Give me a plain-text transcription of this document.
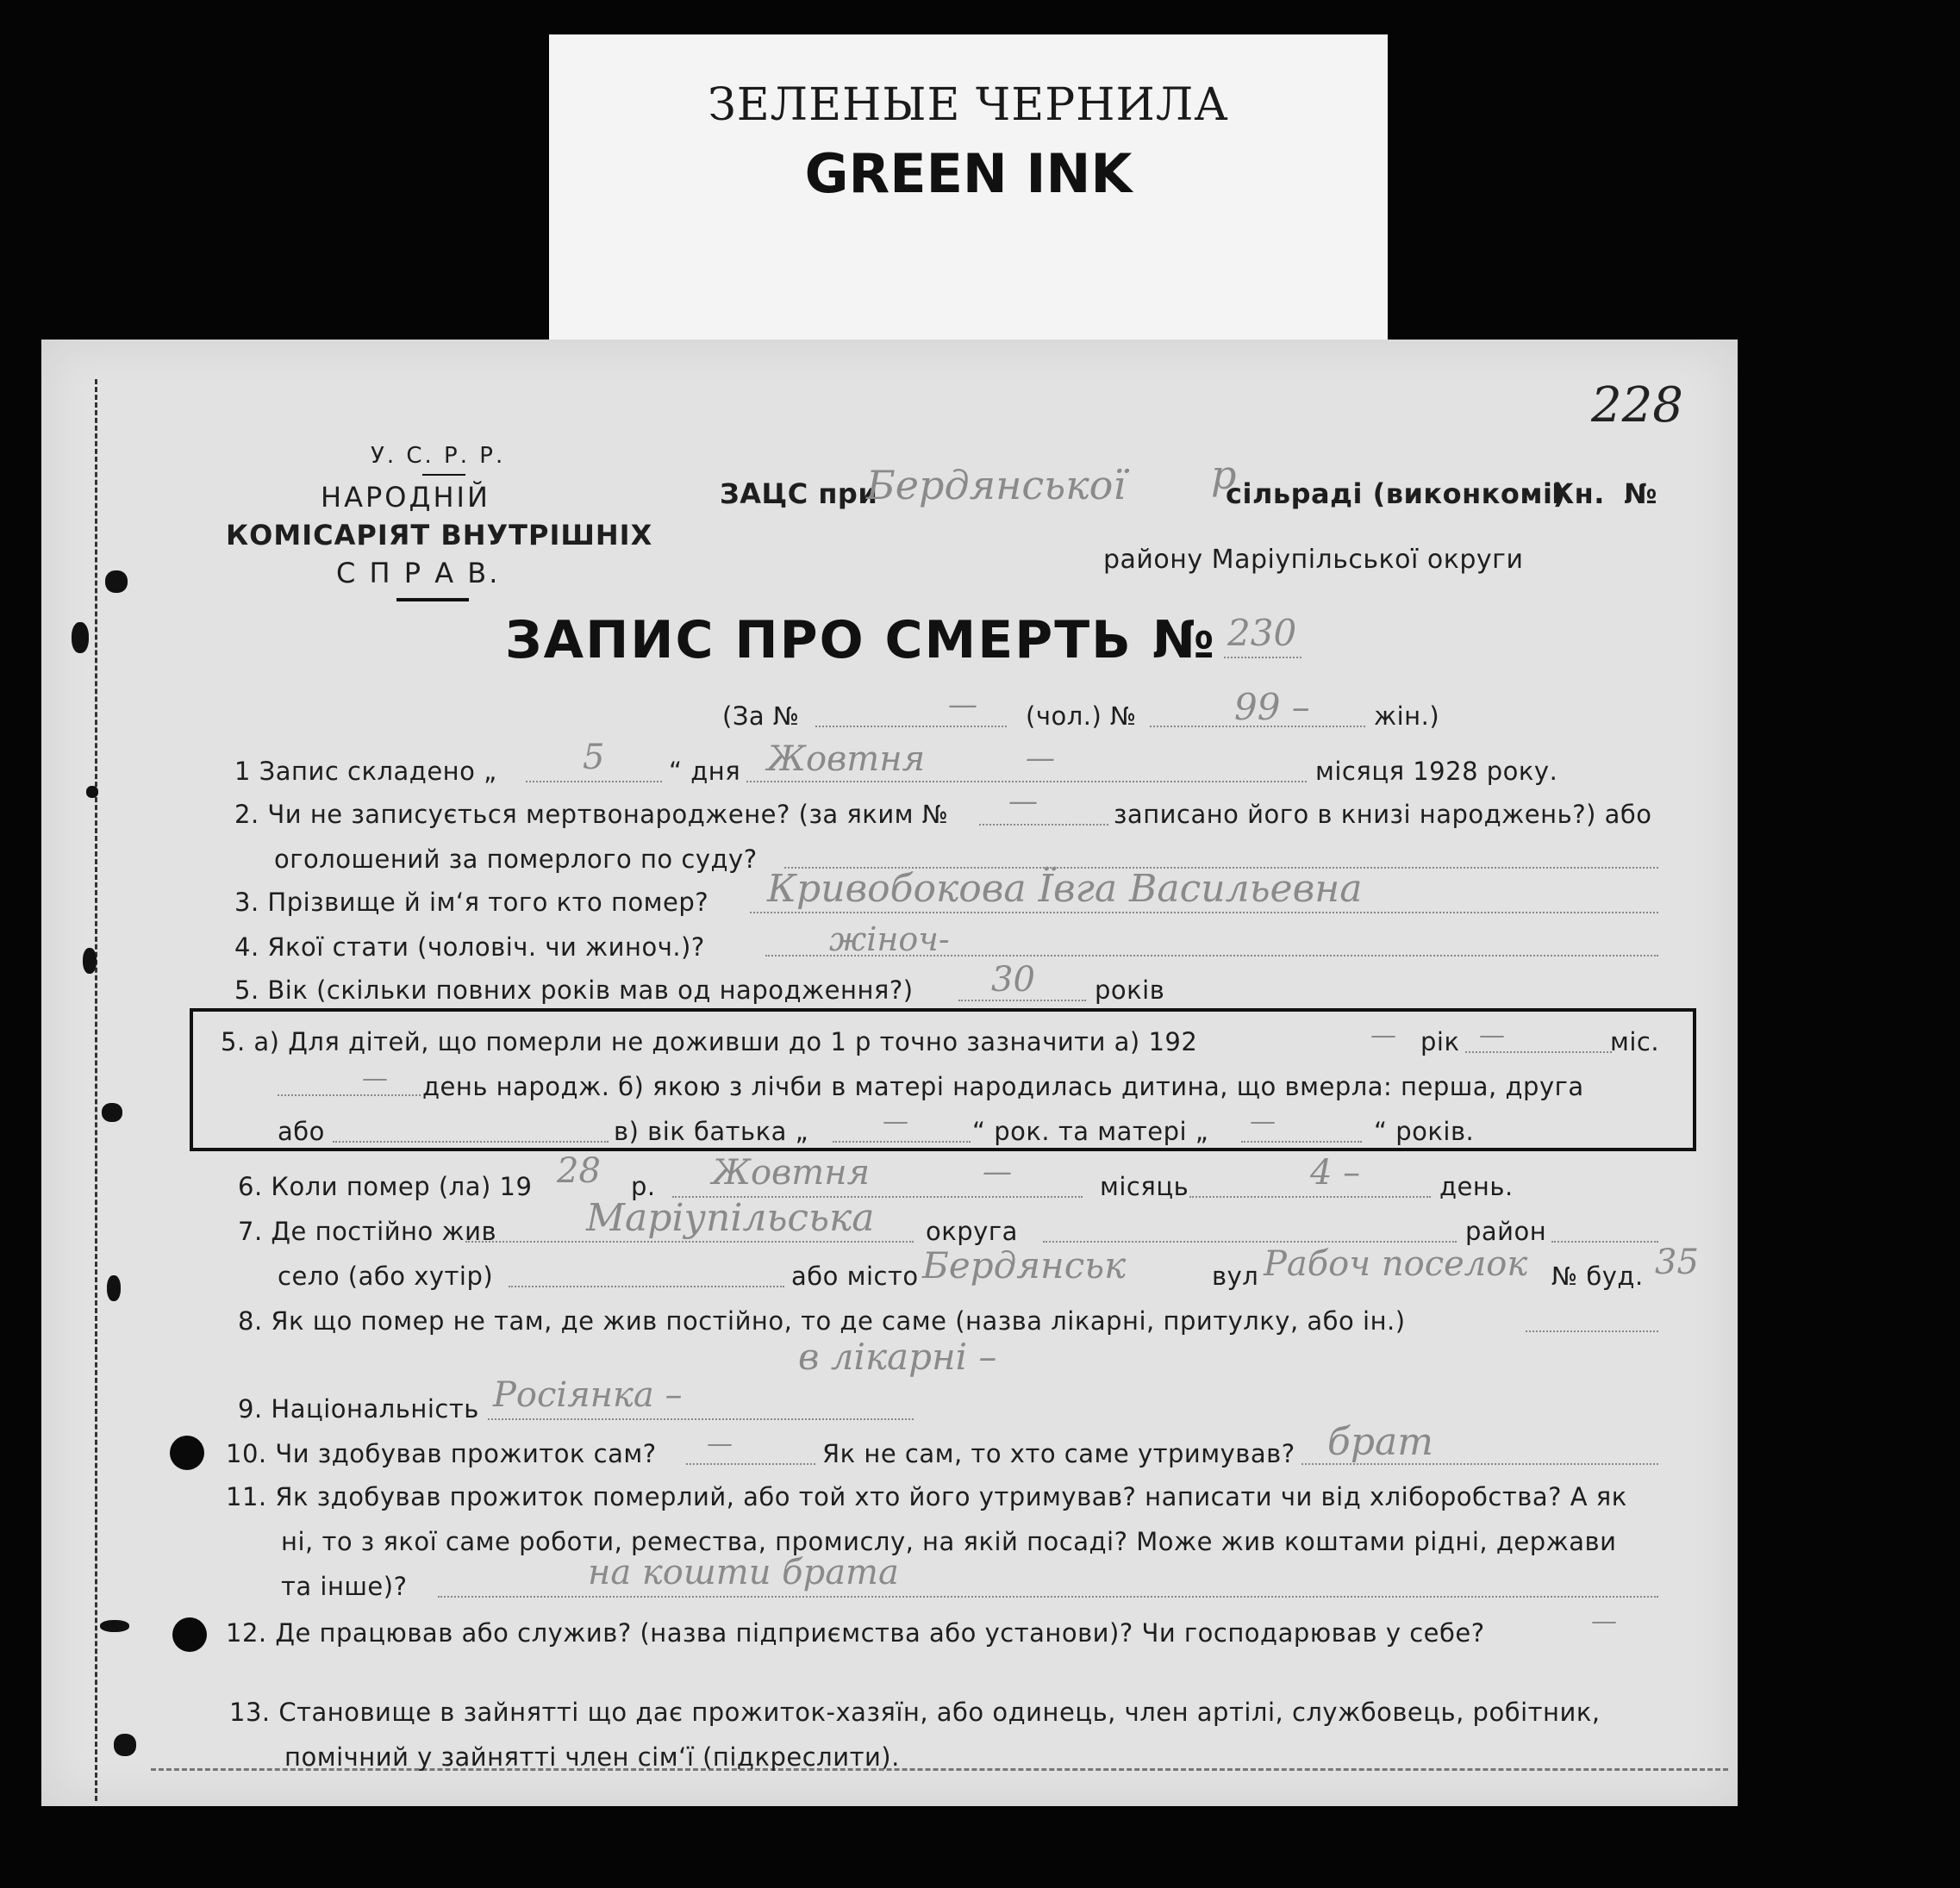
ЗЕЛЕНЫЕ ЧЕРНИЛА
GREEN INK
228
У. С. Р. Р.
НАРОДНІЙ
КОМІСАРІЯТ ВНУТРІШНІХ
С П Р А В.
ЗАЦС при
Бердянської р
сільраді (виконкомі)
Кн. №
району Маріупільської округи
ЗАПИС ПРО СМЕРТЬ № 230
(За №	— (чол.) №	99 –	жін.)
1 Запис складено „ 5	“ дня Жовтня	—	місяця 1928 року.
2. Чи не записується мертвонароджене? (за яким № —	записано його в книзі народжень?) або
оголошений за померлого по суду?
3. Прізвище й ім‘я того кто помер? Кривобокова Ївга Васильевна
4. Якої стати (чоловіч. чи жиноч.)?	жіноч-
5. Вік (скільки повних років мав од народження?) 30 років
5. а) Для дітей, що померли не доживши до 1 р точно зазначити а) 192	— рік —	міс.
— день народж. б) якою з лічби в матері народилась дитина, що вмерла: перша, друга
або	в) вік батька „	—	“ рок. та матері „ —	“ років.
6. Коли помер (ла) 19 28 р. Жовтня	—	місяць	4 –	день.
7. Де постійно жив Маріупільська округа	район
село (або хутір)	або місто Бердянськ	вул Рабоч поселок № буд. 35
8. Як що помер не там, де жив постійно, то де саме (назва лікарні, притулку, або ін.)
в лікарні –
9. Національність Росіянка –
10. Чи здобував прожиток сам? —	Як не сам, то хто саме утримував? брат
11. Як здобував прожиток померлий, або той хто його утримував? написати чи від хліборобства? А як
ні, то з якої саме роботи, ремества, промислу, на якій посаді? Може жив коштами рідні, держави
та інше)?	на кошти брата
12. Де працював або служив? (назва підприємства або установи)? Чи господарював у себе?	—
13. Становище в зайнятті що дає прожиток-хазяїн, або одинець, член артілі, службовець, робітник,
помічний у зайнятті член сім‘ї (підкреслити).
